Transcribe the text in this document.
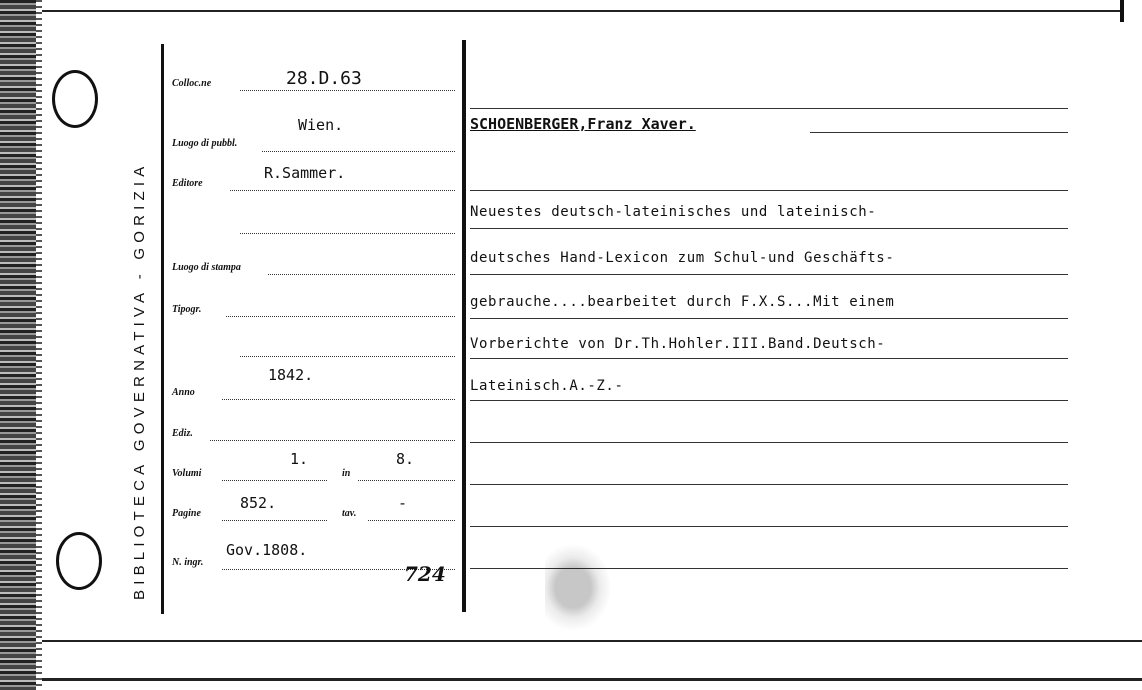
BIBLIOTECA GOVERNATIVA - GORIZIA
Colloc.ne	28.D.63
Luogo di pubbl.
Wien.
Editore
R.Sammer.
Luogo di stampa
Tipogr.
Anno
1842.
Ediz.
Volumi
1.
in
8.
Pagine
852.
tav.
-
N. ingr.
Gov.1808.
724
SCHOENBERGER,Franz Xaver.
Neuestes deutsch-lateinisches und lateinisch-
deutsches Hand-Lexicon zum Schul-und Geschäfts-
gebrauche....bearbeitet durch F.X.S...Mit einem
Vorberichte von Dr.Th.Hohler.III.Band.Deutsch-
Lateinisch.A.-Z.-
